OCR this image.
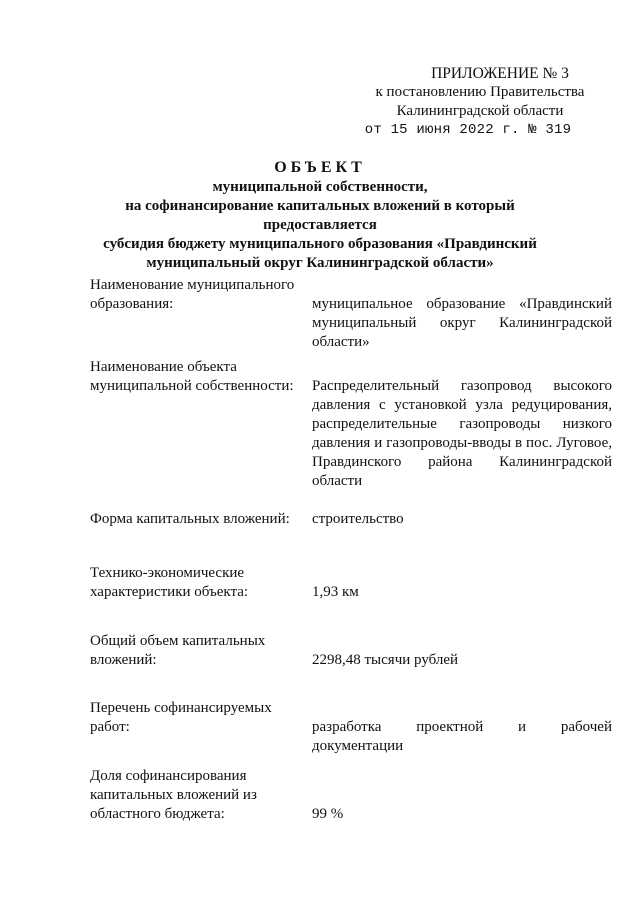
ПРИЛОЖЕНИЕ № 3
к постановлению Правительства
Калининградской области
от 15 июня 2022 г. № 319
ОБЪЕКТ
муниципальной собственности,
на софинансирование капитальных вложений в который предоставляется
субсидия бюджету муниципального образования «Правдинский
муниципальный округ Калининградской области»
Наименование муниципального
образования:	муниципальное образование «Правдинский муниципальный округ Калининградской области»
Наименование объекта
муниципальной собственности:	Распределительный газопровод высокого давления с установкой узла редуцирования, распределительные газопроводы низкого давления и газопроводы-вводы в пос. Луговое, Правдинского района Калининградской области
Форма капитальных вложений:	строительство
Технико-экономические
характеристики объекта:	1,93 км
Общий объем капитальных
вложений:	2298,48 тысячи рублей
Перечень софинансируемых
работ:	разработка проектной и рабочей документации
Доля софинансирования
капитальных вложений из
областного бюджета:	99 %
